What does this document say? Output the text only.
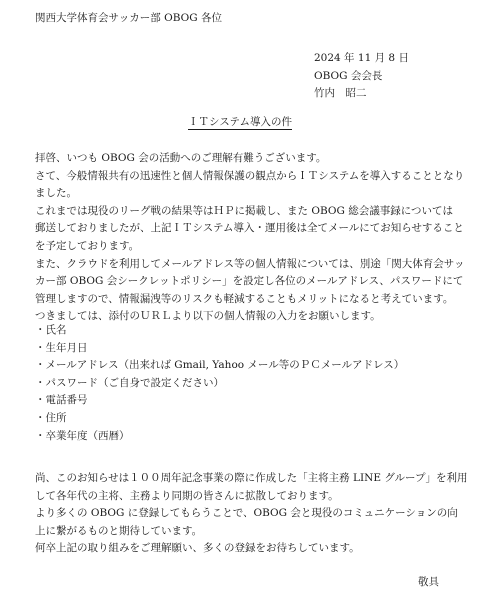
関西大学体育会サッカー部 OBOG 各位
2024 年 11 月 8 日
OBOG 会会長
竹内　昭二
ＩＴシステム導入の件
拝啓、いつも OBOG 会の活動へのご理解有難うございます。
さて、今般情報共有の迅速性と個人情報保護の観点からＩＴシステムを導入することとなり
ました。
これまでは現役のリーグ戦の結果等はＨＰに掲載し、また OBOG 総会議事録については
郵送しておりましたが、上記ＩＴシステム導入・運用後は全てメールにてお知らせすること
を予定しております。
また、クラウドを利用してメールアドレス等の個人情報については、別途「関大体育会サッ
カー部 OBOG 会シークレットポリシー」を設定し各位のメールアドレス、パスワードにて
管理しますので、情報漏洩等のリスクも軽減することもメリットになると考えています。
つきましては、添付のＵＲＬより以下の個人情報の入力をお願いします。
・氏名
・生年月日
・メールアドレス（出来れば Gmail, Yahoo メール等のＰＣメールアドレス）
・パスワード（ご自身で設定ください）
・電話番号
・住所
・卒業年度（西暦）
尚、このお知らせは１００周年記念事業の際に作成した「主将主務 LINE グループ」を利用
して各年代の主将、主務より同期の皆さんに拡散しております。
より多くの OBOG に登録してもらうことで、OBOG 会と現役のコミュニケーションの向
上に繋がるものと期待しています。
何卒上記の取り組みをご理解願い、多くの登録をお待ちしています。
敬具
